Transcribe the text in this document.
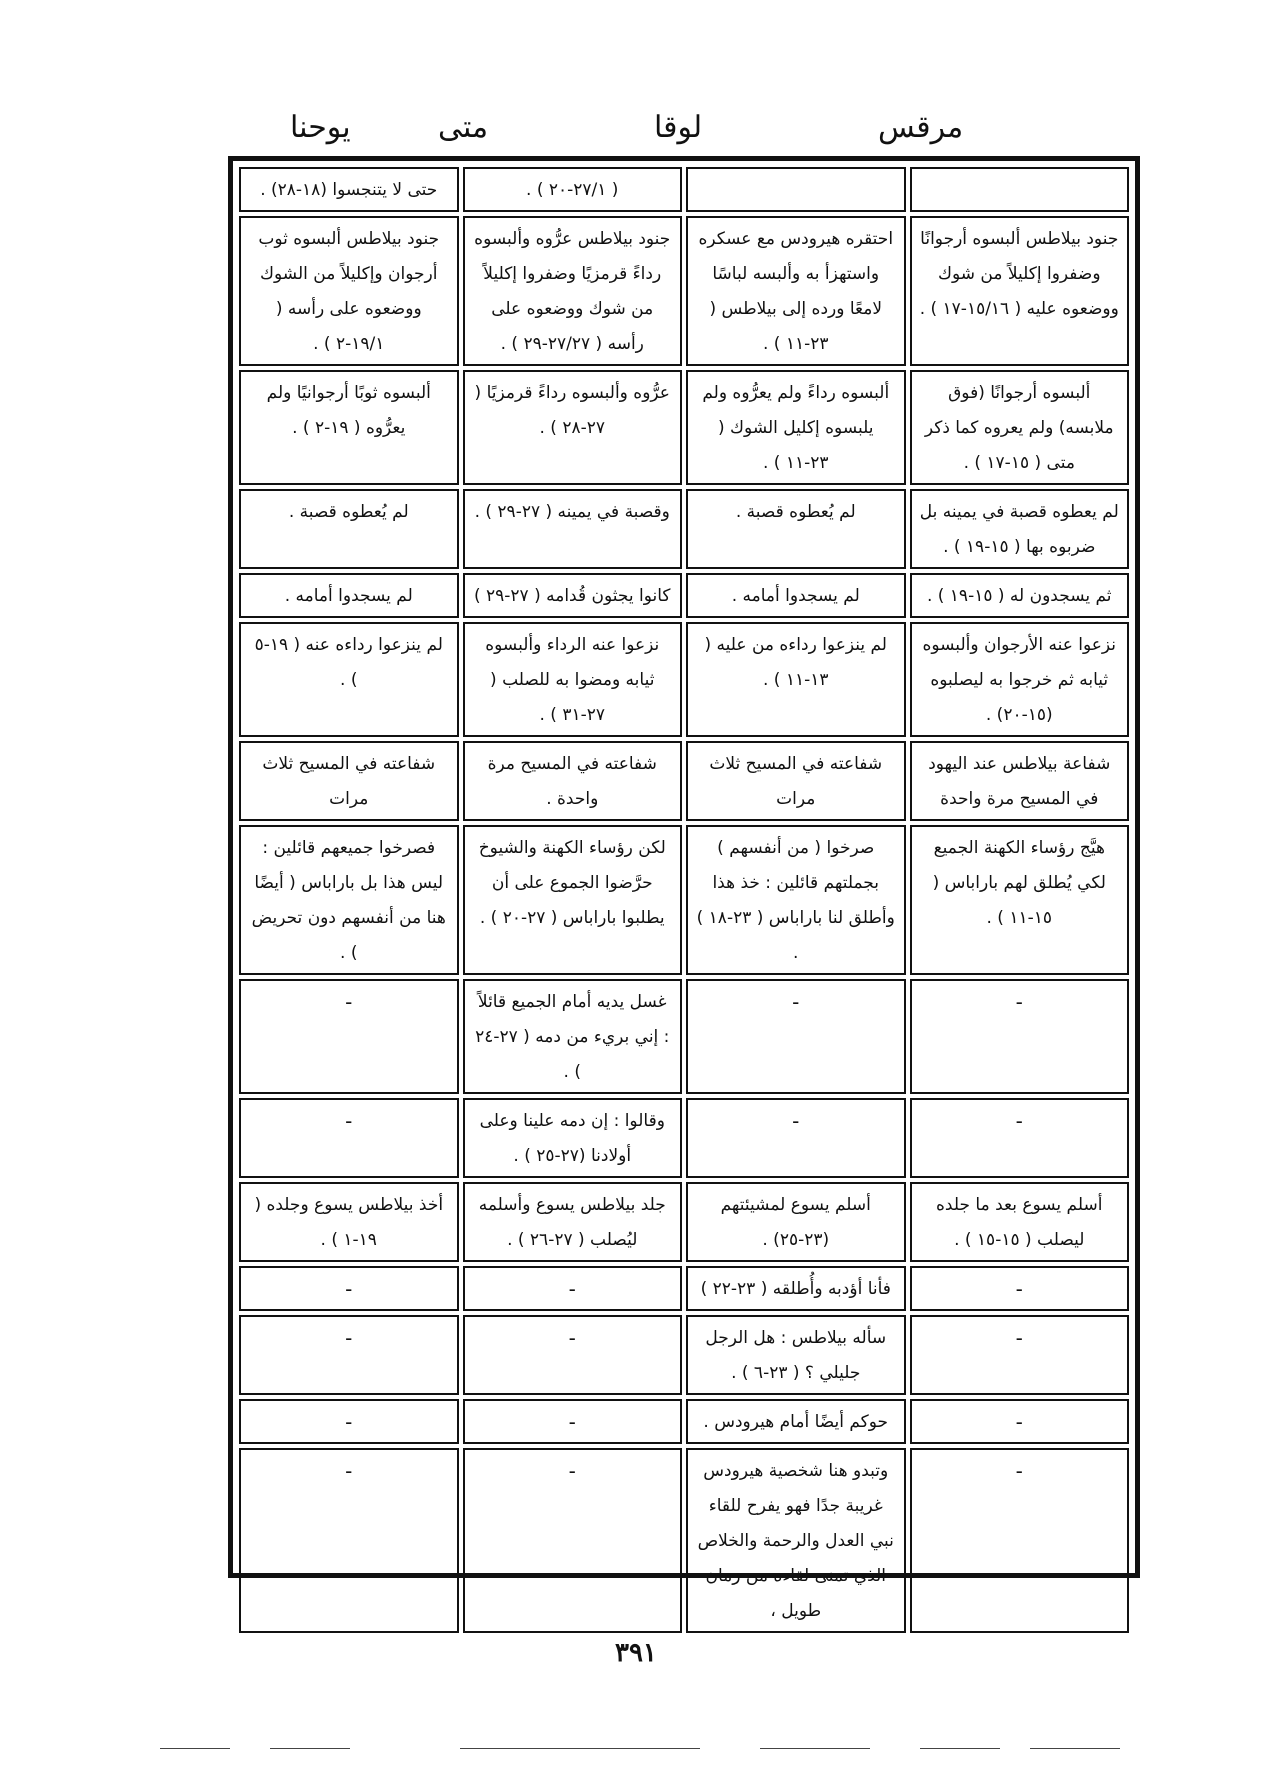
مرقس
لوقا
متى
يوحنا
		( ٢٧/١-٢٠ ) .	حتى لا يتنجسوا (١٨-٢٨) .
جنود بيلاطس ألبسوه أرجوانًا وضفروا إكليلاً من شوك ووضعوه عليه ( ١٥/١٦-١٧ ) .	احتقره هيرودس مع عسكره واستهزأ به وألبسه لباسًا لامعًا ورده إلى بيلاطس ( ٢٣-١١ ) .	جنود بيلاطس عرُّوه وألبسوه رداءً قرمزيًا وضفروا إكليلاً من شوك ووضعوه على رأسه ( ٢٧/٢٧-٢٩ ) .	جنود بيلاطس ألبسوه ثوب أرجوان وإكليلاً من الشوك ووضعوه على رأسه ( ١٩/١-٢ ) .
ألبسوه أرجوانًا (فوق ملابسه) ولم يعروه كما ذكر متى ( ١٥-١٧ ) .	ألبسوه رداءً ولم يعرُّوه ولم يلبسوه إكليل الشوك ( ٢٣-١١ ) .	عرُّوه وألبسوه رداءً قرمزيًا ( ٢٧-٢٨ ) .	ألبسوه ثوبًا أرجوانيًا ولم يعرُّوه ( ١٩-٢ ) .
لم يعطوه قصبة في يمينه بل ضربوه بها ( ١٥-١٩ ) .	لم يُعطوه قصبة .	وقصبة في يمينه ( ٢٧-٢٩ ) .	لم يُعطوه قصبة .
ثم يسجدون له ( ١٥-١٩ ) .	لم يسجدوا أمامه .	كانوا يجثون قُدامه ( ٢٧-٢٩ )	لم يسجدوا أمامه .
نزعوا عنه الأرجوان وألبسوه ثيابه ثم خرجوا به ليصلبوه (١٥-٢٠) .	لم ينزعوا رداءه من عليه ( ١٣-١١ ) .	نزعوا عنه الرداء وألبسوه ثيابه ومضوا به للصلب ( ٢٧-٣١ ) .	لم ينزعوا رداءه عنه ( ١٩-٥ ) .
شفاعة بيلاطس عند اليهود في المسيح مرة واحدة	شفاعته في المسيح ثلاث مرات	شفاعته في المسيح مرة واحدة .	شفاعته في المسيح ثلاث مرات
هيَّج رؤساء الكهنة الجميع لكي يُطلق لهم باراباس ( ١٥-١١ ) .	صرخوا ( من أنفسهم ) بجملتهم قائلين : خذ هذا وأطلق لنا باراباس ( ٢٣-١٨ ) .	لكن رؤساء الكهنة والشيوخ حرَّضوا الجموع على أن يطلبوا باراباس ( ٢٧-٢٠ ) .	فصرخوا جميعهم قائلين : ليس هذا بل باراباس ( أيضًا هنا من أنفسهم دون تحريض ) .
-	-	غسل يديه أمام الجميع قائلاً : إني بريء من دمه ( ٢٧-٢٤ ) .	-
-	-	وقالوا : إن دمه علينا وعلى أولادنا (٢٧-٢٥ ) .	-
أسلم يسوع بعد ما جلده ليصلب ( ١٥-١٥ ) .	أسلم يسوع لمشيئتهم (٢٣-٢٥) .	جلد بيلاطس يسوع وأسلمه ليُصلب ( ٢٧-٢٦ ) .	أخذ بيلاطس يسوع وجلده ( ١٩-١ ) .
-	فأنا أؤدبه وأُطلقه ( ٢٣-٢٢ )	-	-
-	سأله بيلاطس : هل الرجل جليلي ؟ ( ٢٣-٦ ) .	-	-
-	حوكم أيضًا أمام هيرودس .	-	-
-	وتبدو هنا شخصية هيرودس غريبة جدًا فهو يفرح للقاء نبي العدل والرحمة والخلاص الذي تمنى لقاءه من زمان طويل ،	-	-
٣٩١
